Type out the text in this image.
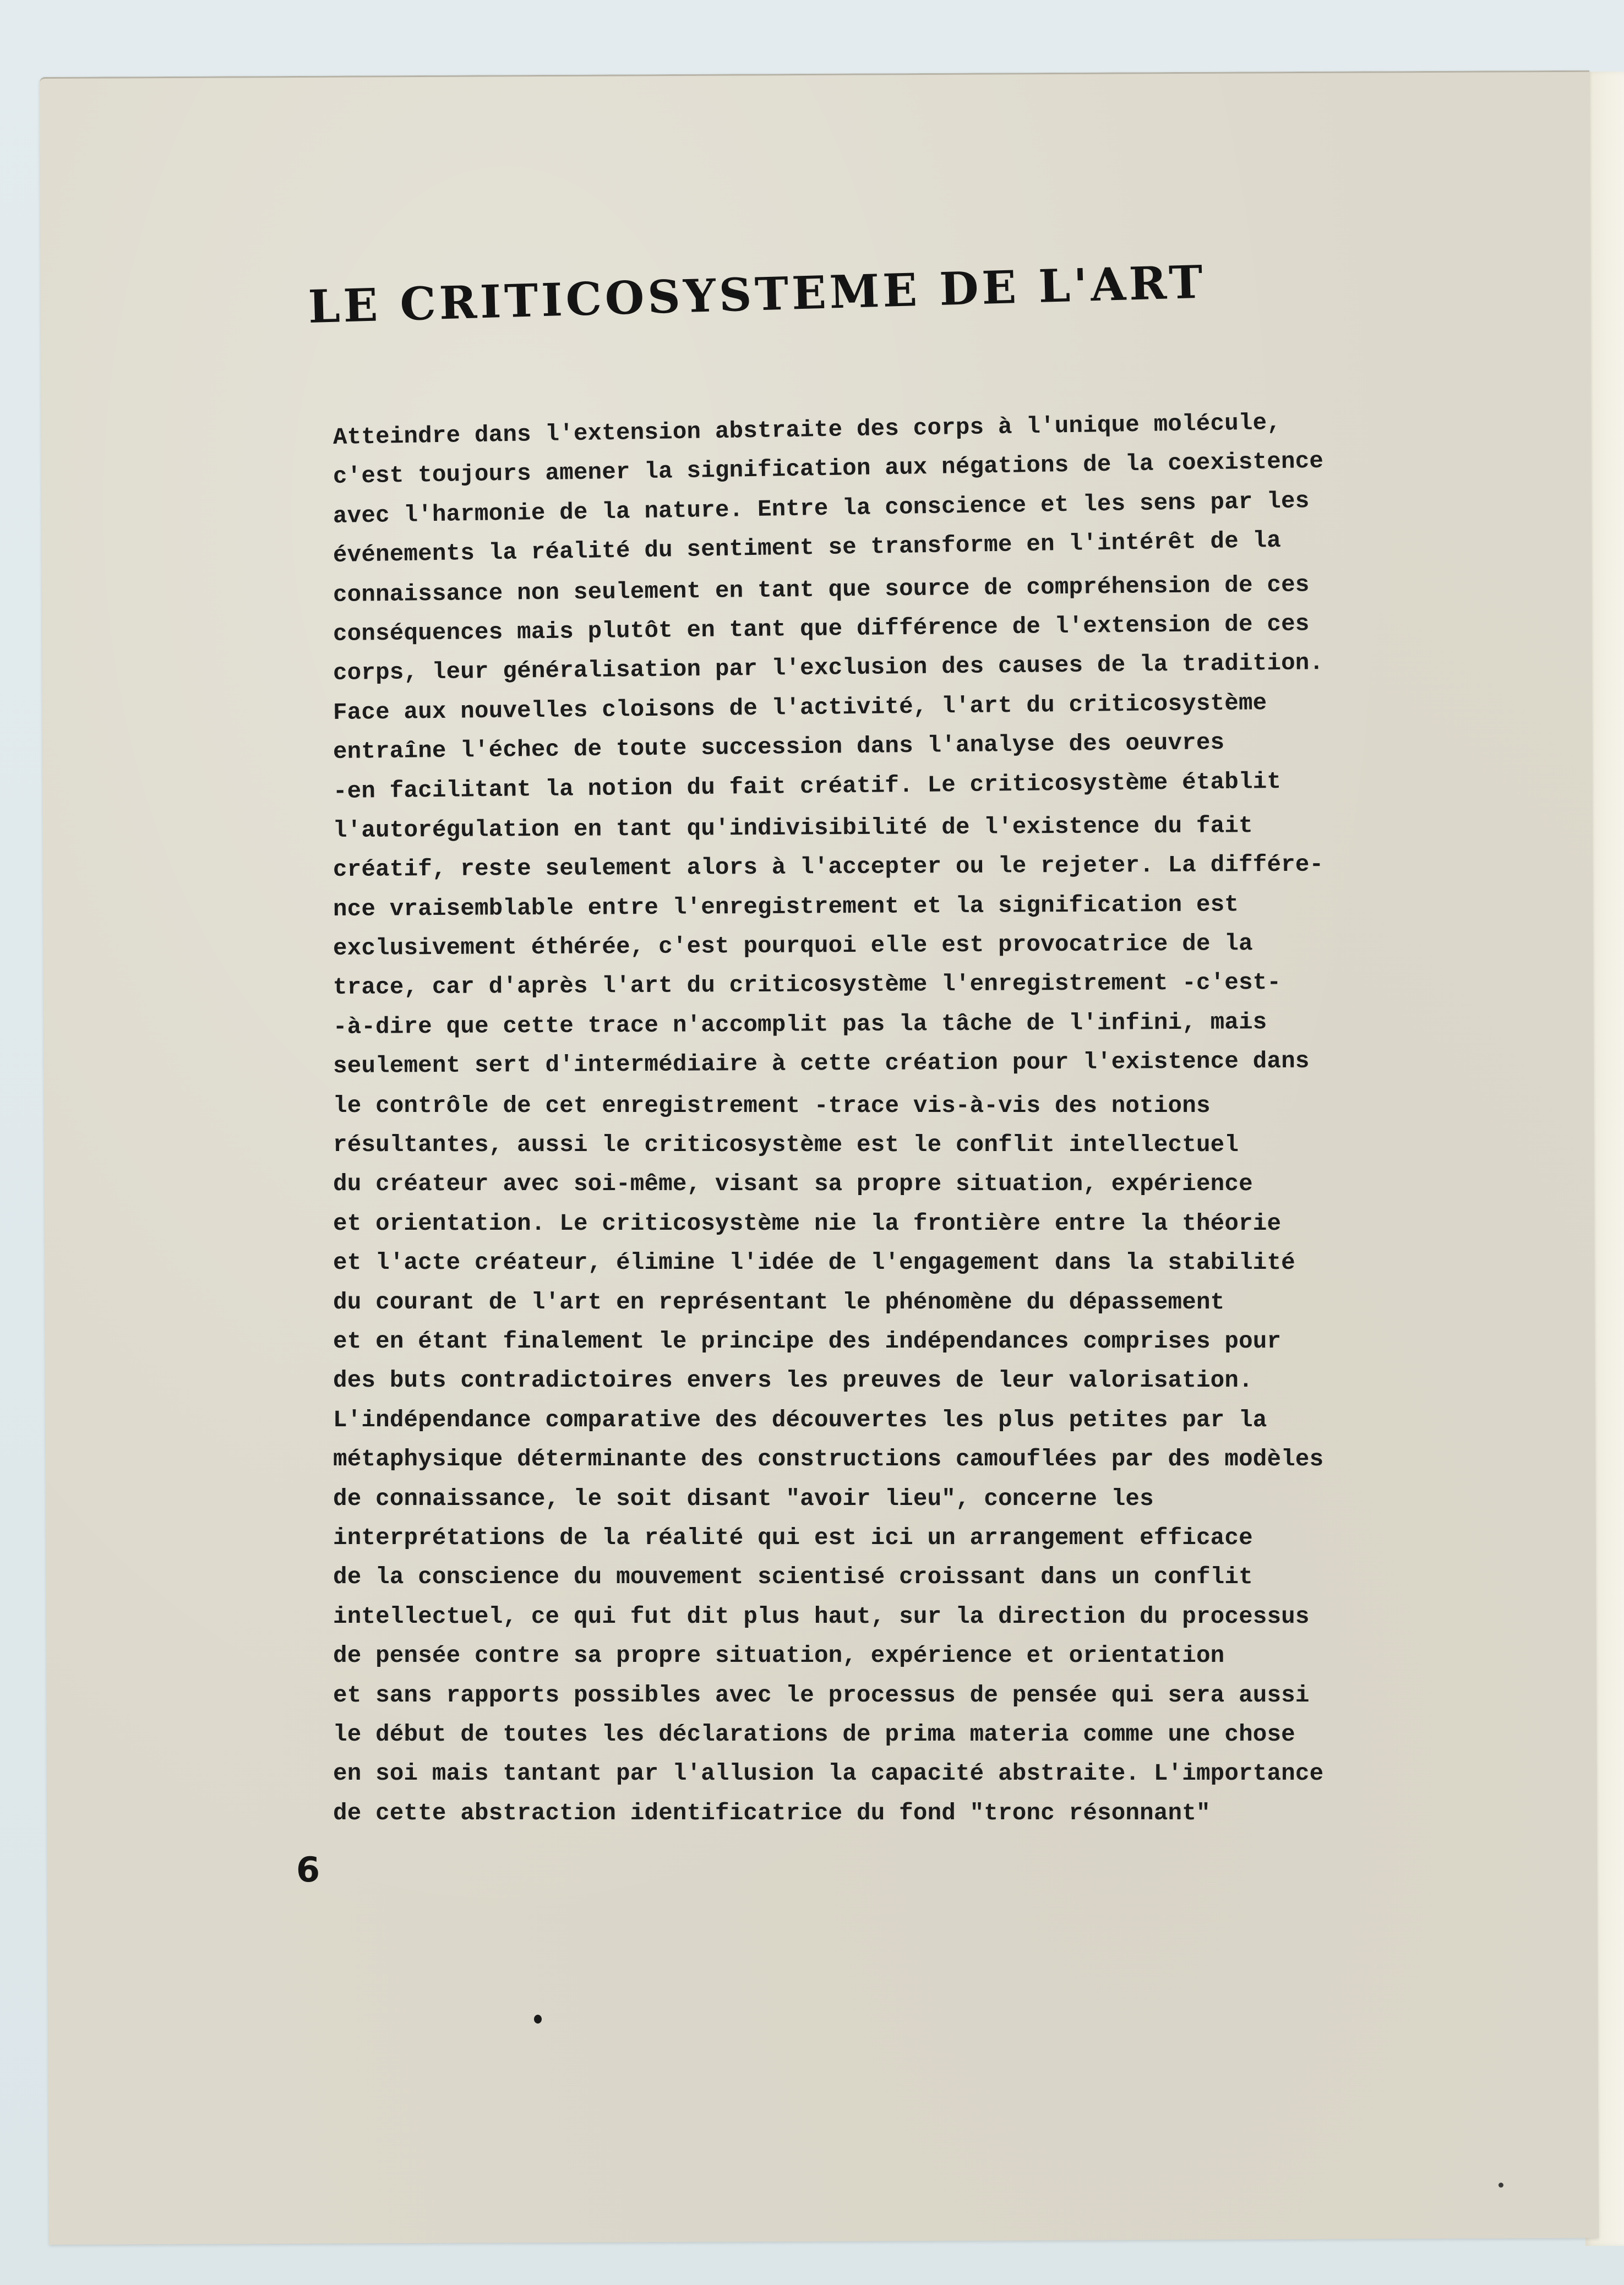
LE CRITICOSYSTEME DE L'ART
Atteindre dans l'extension abstraite des corps à l'unique molécule,
c'est toujours amener la signification aux négations de la coexistence
avec l'harmonie de la nature. Entre la conscience et les sens par les
événements la réalité du sentiment se transforme en l'intérêt de la
connaissance non seulement en tant que source de compréhension de ces
conséquences mais plutôt en tant que différence de l'extension de ces
corps, leur généralisation par l'exclusion des causes de la tradition.
Face aux nouvelles cloisons de l'activité, l'art du criticosystème
entraîne l'échec de toute succession dans l'analyse des oeuvres
-en facilitant la notion du fait créatif. Le criticosystème établit
l'autorégulation en tant qu'indivisibilité de l'existence du fait
créatif, reste seulement alors à l'accepter ou le rejeter. La différe-
nce vraisemblable entre l'enregistrement et la signification est
exclusivement éthérée, c'est pourquoi elle est provocatrice de la
trace, car d'après l'art du criticosystème l'enregistrement -c'est-
-à-dire que cette trace n'accomplit pas la tâche de l'infini, mais
seulement sert d'intermédiaire à cette création pour l'existence dans
le contrôle de cet enregistrement -trace vis-à-vis des notions
résultantes, aussi le criticosystème est le conflit intellectuel
du créateur avec soi-même, visant sa propre situation, expérience
et orientation. Le criticosystème nie la frontière entre la théorie
et l'acte créateur, élimine l'idée de l'engagement dans la stabilité
du courant de l'art en représentant le phénomène du dépassement
et en étant finalement le principe des indépendances comprises pour
des buts contradictoires envers les preuves de leur valorisation.
L'indépendance comparative des découvertes les plus petites par la
métaphysique déterminante des constructions camouflées par des modèles
de connaissance, le soit disant "avoir lieu", concerne les
interprétations de la réalité qui est ici un arrangement efficace
de la conscience du mouvement scientisé croissant dans un conflit
intellectuel, ce qui fut dit plus haut, sur la direction du processus
de pensée contre sa propre situation, expérience et orientation
et sans rapports possibles avec le processus de pensée qui sera aussi
le début de toutes les déclarations de prima materia comme une chose
en soi mais tantant par l'allusion la capacité abstraite. L'importance
de cette abstraction identificatrice du fond "tronc résonnant"
6
